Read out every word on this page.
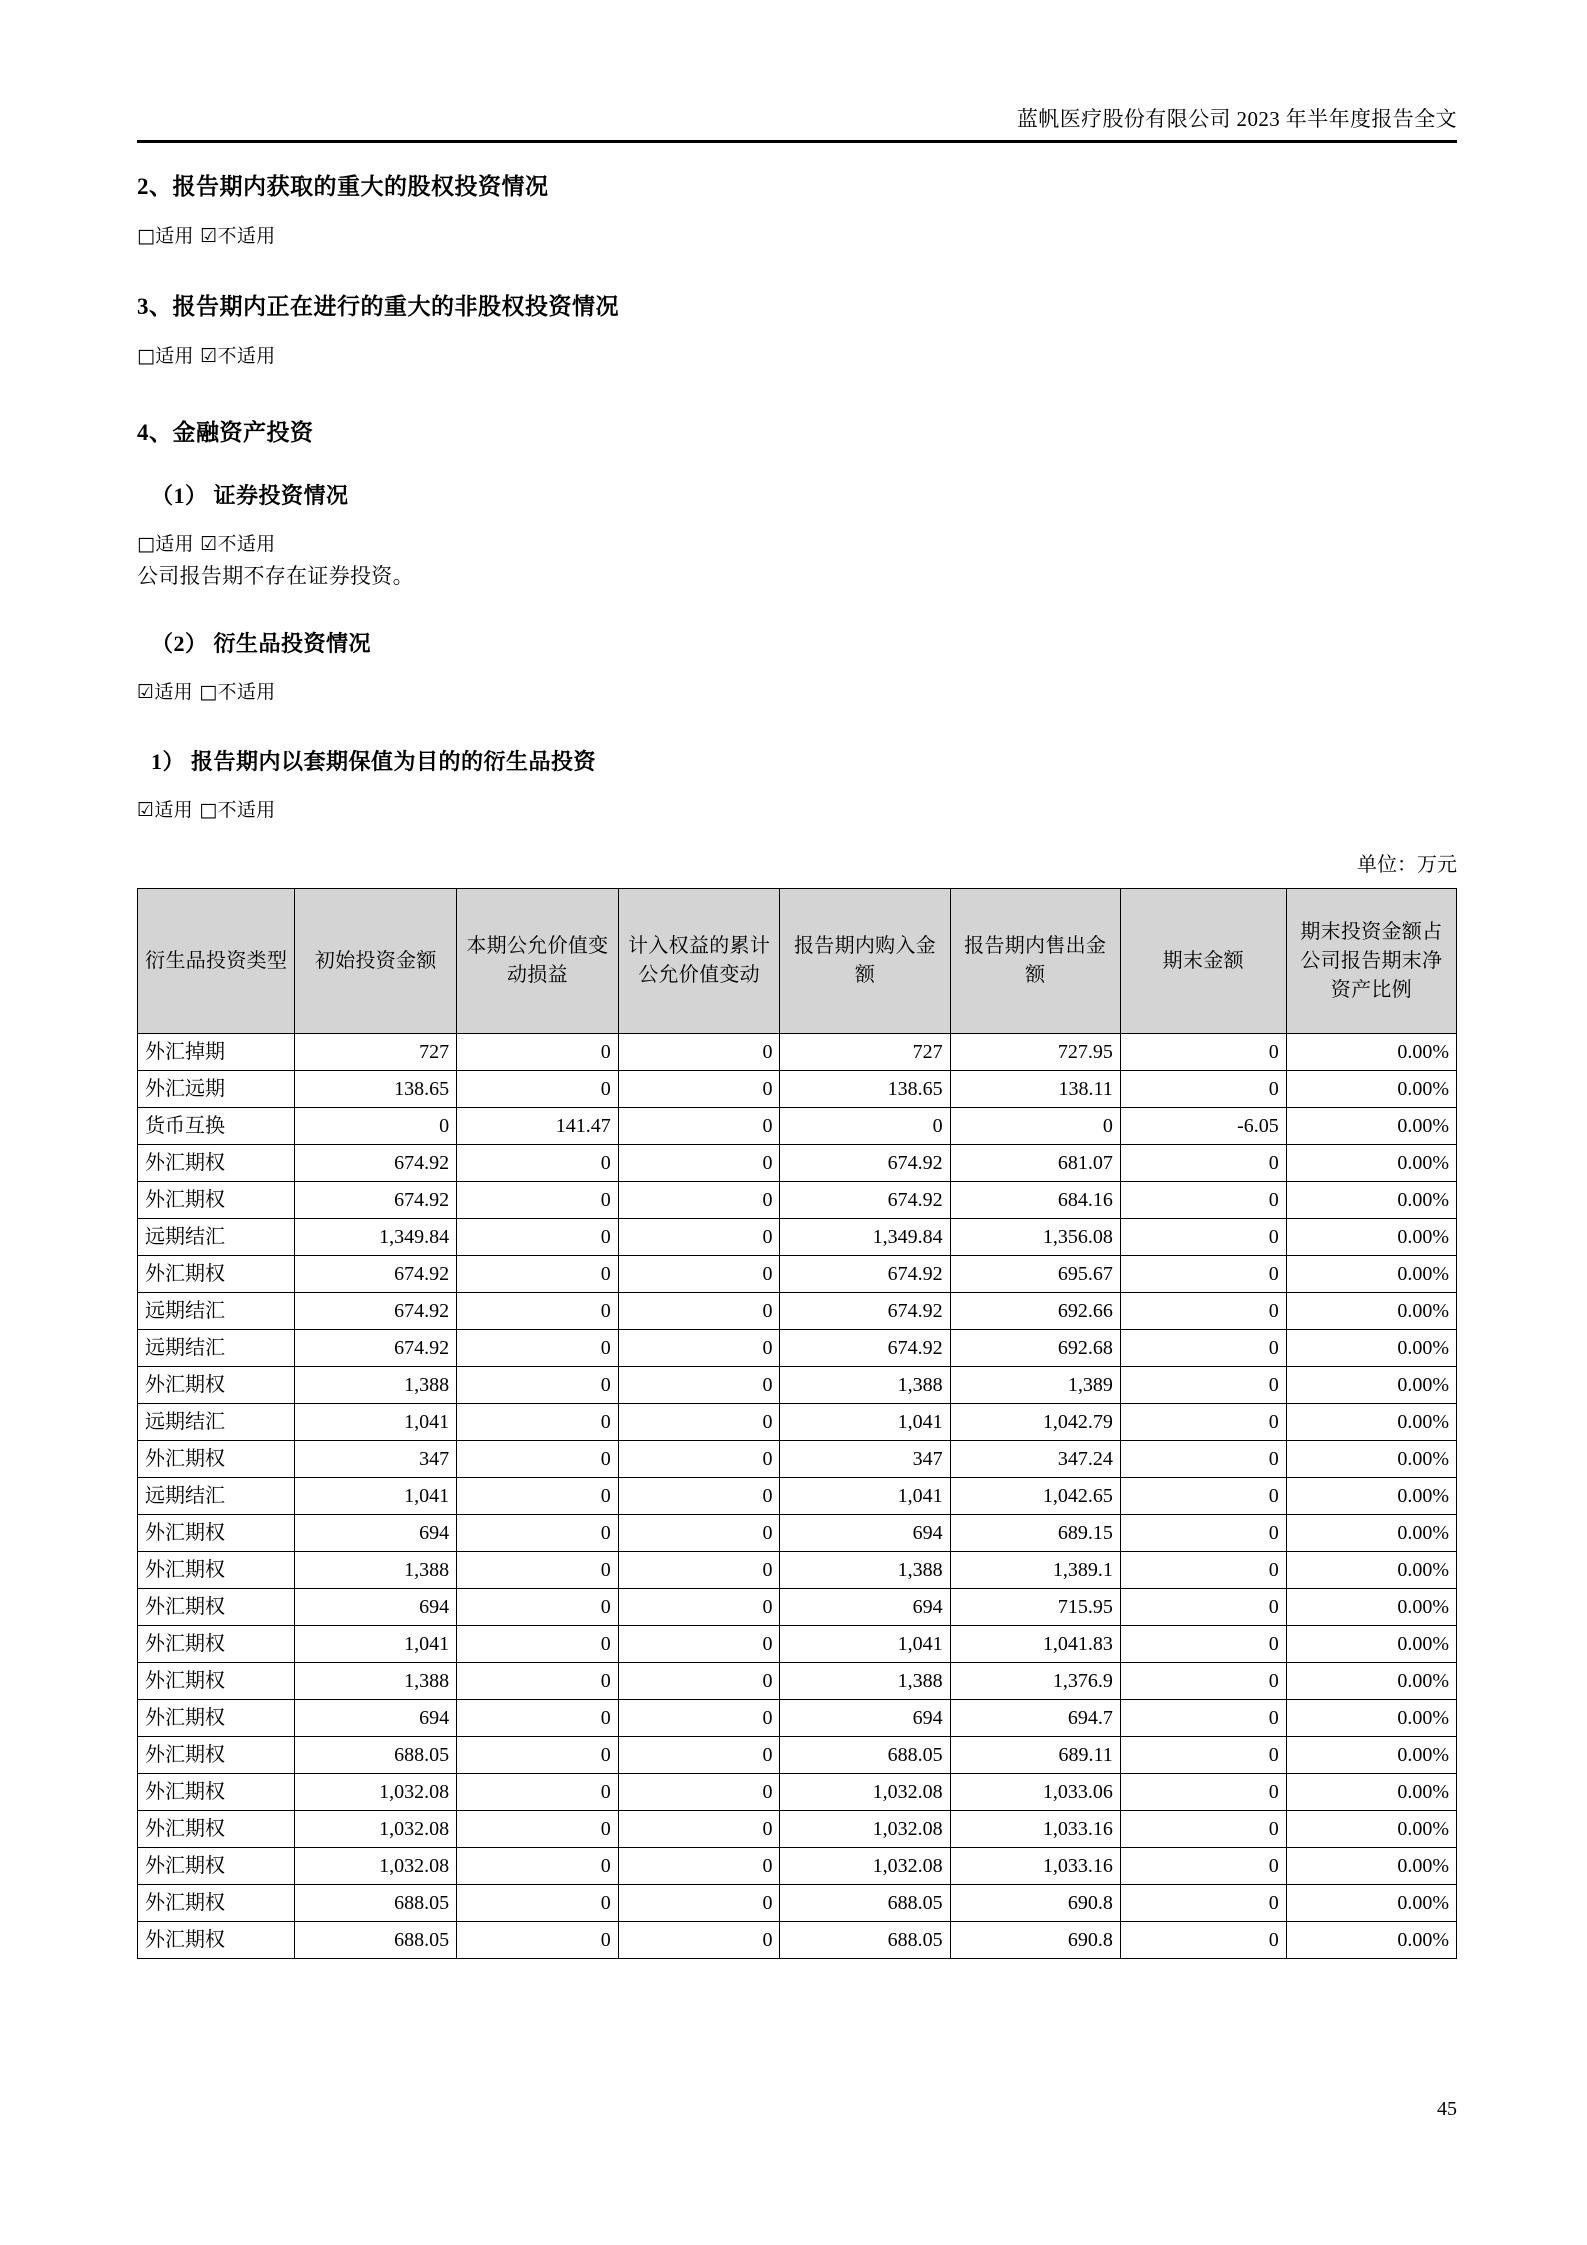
蓝帆医疗股份有限公司 2023 年半年度报告全文
2、报告期内获取的重大的股权投资情况
□适用 ☑不适用
3、报告期内正在进行的重大的非股权投资情况
□适用 ☑不适用
4、金融资产投资
（1） 证券投资情况
□适用 ☑不适用
公司报告期不存在证券投资。
（2） 衍生品投资情况
☑适用 □不适用
1） 报告期内以套期保值为目的的衍生品投资
☑适用 □不适用
单位：万元
衍生品投资类型	初始投资金额	本期公允价值变动损益	计入权益的累计公允价值变动	报告期内购入金额	报告期内售出金额	期末金额	期末投资金额占公司报告期末净资产比例
外汇掉期	727	0	0	727	727.95	0	0.00%
外汇远期	138.65	0	0	138.65	138.11	0	0.00%
货币互换	0	141.47	0	0	0	-6.05	0.00%
外汇期权	674.92	0	0	674.92	681.07	0	0.00%
外汇期权	674.92	0	0	674.92	684.16	0	0.00%
远期结汇	1,349.84	0	0	1,349.84	1,356.08	0	0.00%
外汇期权	674.92	0	0	674.92	695.67	0	0.00%
远期结汇	674.92	0	0	674.92	692.66	0	0.00%
远期结汇	674.92	0	0	674.92	692.68	0	0.00%
外汇期权	1,388	0	0	1,388	1,389	0	0.00%
远期结汇	1,041	0	0	1,041	1,042.79	0	0.00%
外汇期权	347	0	0	347	347.24	0	0.00%
远期结汇	1,041	0	0	1,041	1,042.65	0	0.00%
外汇期权	694	0	0	694	689.15	0	0.00%
外汇期权	1,388	0	0	1,388	1,389.1	0	0.00%
外汇期权	694	0	0	694	715.95	0	0.00%
外汇期权	1,041	0	0	1,041	1,041.83	0	0.00%
外汇期权	1,388	0	0	1,388	1,376.9	0	0.00%
外汇期权	694	0	0	694	694.7	0	0.00%
外汇期权	688.05	0	0	688.05	689.11	0	0.00%
外汇期权	1,032.08	0	0	1,032.08	1,033.06	0	0.00%
外汇期权	1,032.08	0	0	1,032.08	1,033.16	0	0.00%
外汇期权	1,032.08	0	0	1,032.08	1,033.16	0	0.00%
外汇期权	688.05	0	0	688.05	690.8	0	0.00%
外汇期权	688.05	0	0	688.05	690.8	0	0.00%
45
